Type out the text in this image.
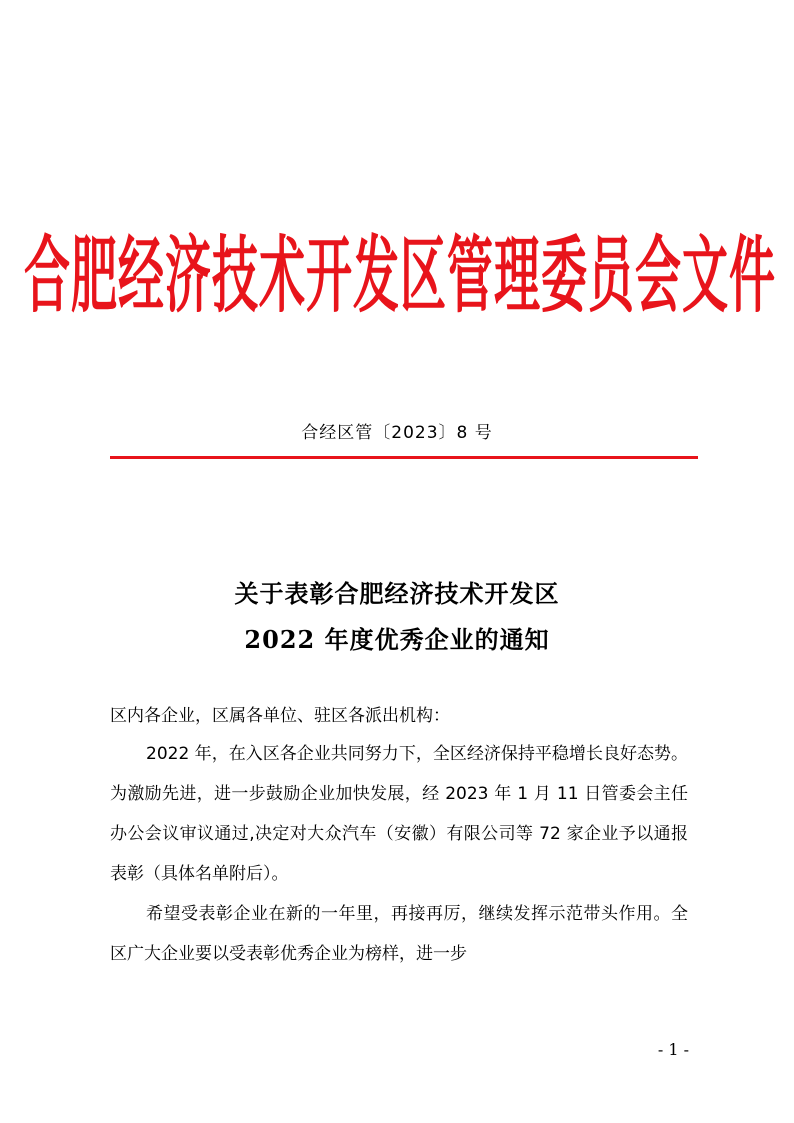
合肥经济技术开发区管理委员会文件
合经区管〔2023〕8 号
关于表彰合肥经济技术开发区
2022 年度优秀企业的通知
区内各企业，区属各单位、驻区各派出机构：
2022 年，在入区各企业共同努力下，全区经济保持平稳增长良好态势。为激励先进，进一步鼓励企业加快发展，经 2023 年 1 月 11 日管委会主任办公会议审议通过,决定对大众汽车（安徽）有限公司等 72 家企业予以通报表彰（具体名单附后）。
希望受表彰企业在新的一年里，再接再厉，继续发挥示范带头作用。全区广大企业要以受表彰优秀企业为榜样，进一步
- 1 -
